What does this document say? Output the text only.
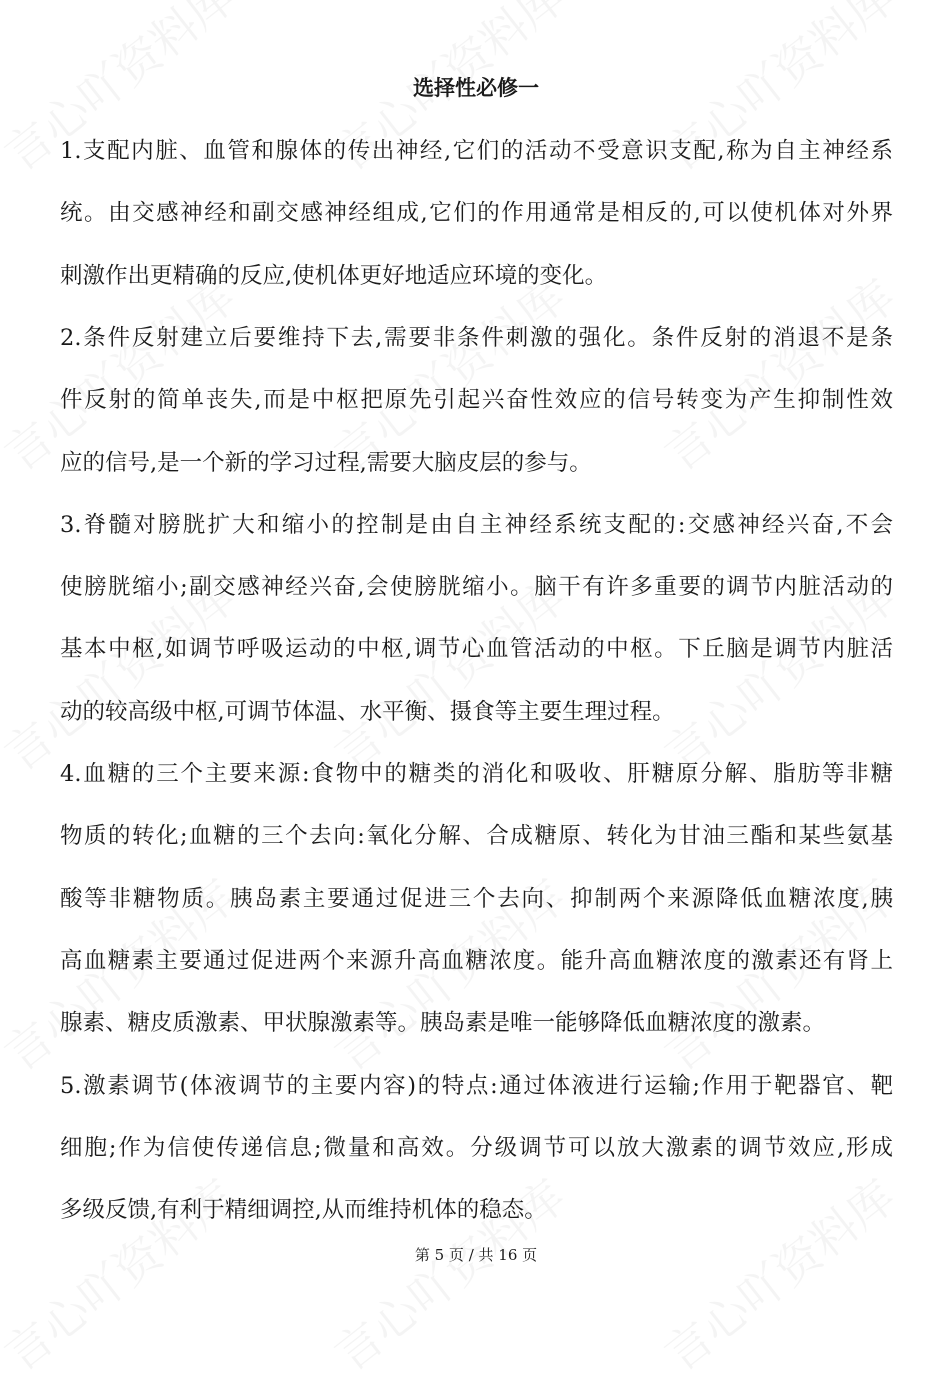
选择性必修一
1.支配内脏、血管和腺体的传出神经,它们的活动不受意识支配,称为自主神经系
统。由交感神经和副交感神经组成,它们的作用通常是相反的,可以使机体对外界
刺激作出更精确的反应,使机体更好地适应环境的变化。
2.条件反射建立后要维持下去,需要非条件刺激的强化。条件反射的消退不是条
件反射的简单丧失,而是中枢把原先引起兴奋性效应的信号转变为产生抑制性效
应的信号,是一个新的学习过程,需要大脑皮层的参与。
3.脊髓对膀胱扩大和缩小的控制是由自主神经系统支配的:交感神经兴奋,不会
使膀胱缩小;副交感神经兴奋,会使膀胱缩小。脑干有许多重要的调节内脏活动的
基本中枢,如调节呼吸运动的中枢,调节心血管活动的中枢。下丘脑是调节内脏活
动的较高级中枢,可调节体温、水平衡、摄食等主要生理过程。
4.血糖的三个主要来源:食物中的糖类的消化和吸收、肝糖原分解、脂肪等非糖
物质的转化;血糖的三个去向:氧化分解、合成糖原、转化为甘油三酯和某些氨基
酸等非糖物质。胰岛素主要通过促进三个去向、抑制两个来源降低血糖浓度,胰
高血糖素主要通过促进两个来源升高血糖浓度。能升高血糖浓度的激素还有肾上
腺素、糖皮质激素、甲状腺激素等。胰岛素是唯一能够降低血糖浓度的激素。
5.激素调节(体液调节的主要内容)的特点:通过体液进行运输;作用于靶器官、靶
细胞;作为信使传递信息;微量和高效。分级调节可以放大激素的调节效应,形成
多级反馈,有利于精细调控,从而维持机体的稳态。
第 5 页 / 共 16 页
